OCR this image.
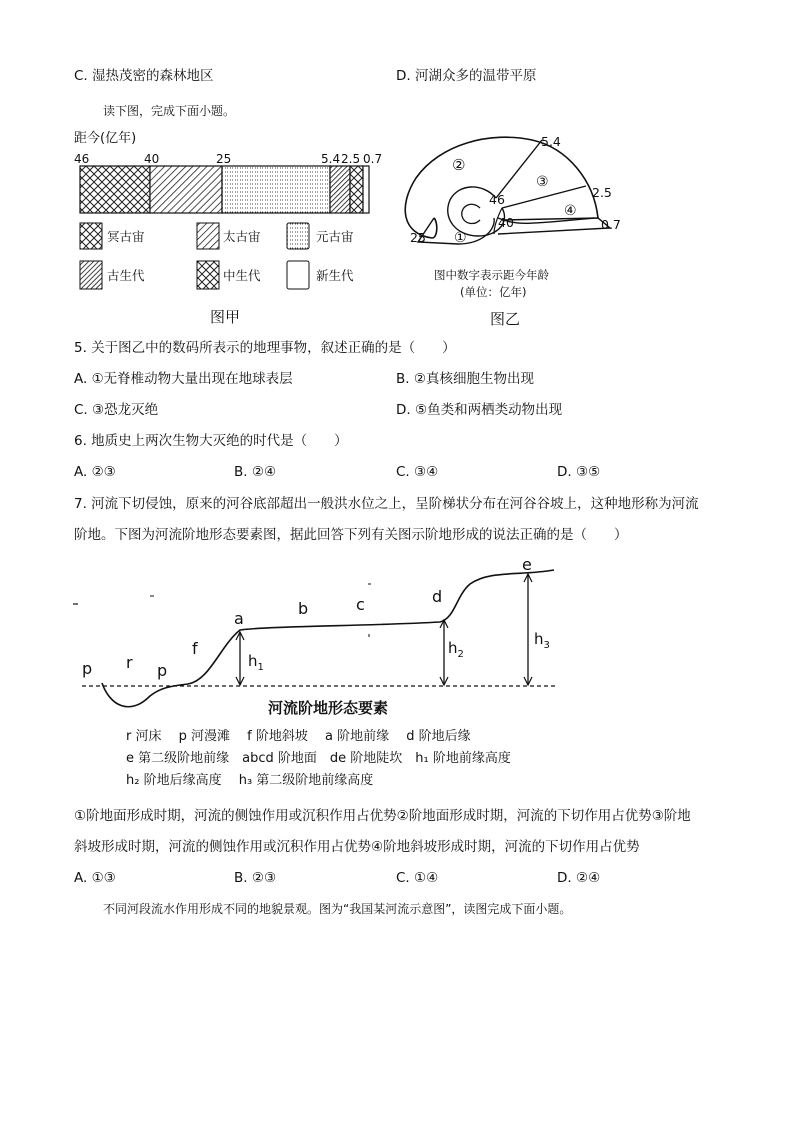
C. 湿热茂密的森林地区	D. 河湖众多的温带平原
读下图，完成下面小题。
距今(亿年)
46	40	25	5.4 2.5 0.7
冥古宙	太古宙	元古宙
古生代	中生代	新生代
图甲
5.4
2.5
0.7
46
40
25 ①
②
③
④
图中数字表示距今年龄
(单位：亿年)
图乙
5. 关于图乙中的数码所表示的地理事物，叙述正确的是（　　）
A. ①无脊椎动物大量出现在地球表层	B. ②真核细胞生物出现
C. ③恐龙灭绝	D. ⑤鱼类和两栖类动物出现
6. 地质史上两次生物大灭绝的时代是（　　）
A. ②③	B. ②④	C. ③④	D. ③⑤
7. 河流下切侵蚀，原来的河谷底部超出一般洪水位之上，呈阶梯状分布在河谷谷坡上，这种地形称为河流
阶地。下图为河流阶地形态要素图，据此回答下列有关图示阶地形成的说法正确的是（　　）
p r p
f
a
b	c	d
e
$h_1$
$h_2$
$h_3$
河流阶地形态要素
r 河床　 p 河漫滩　 f 阶地斜坡　 a 阶地前缘　 d 阶地后缘
e 第二级阶地前缘　abcd 阶地面　de 阶地陡坎　h₁ 阶地前缘高度
h₂ 阶地后缘高度　 h₃ 第二级阶地前缘高度
①阶地面形成时期，河流的侧蚀作用或沉积作用占优势②阶地面形成时期，河流的下切作用占优势③阶地
斜坡形成时期，河流的侧蚀作用或沉积作用占优势④阶地斜坡形成时期，河流的下切作用占优势
A. ①③	B. ②③	C. ①④	D. ②④
不同河段流水作用形成不同的地貌景观。图为“我国某河流示意图”，读图完成下面小题。
